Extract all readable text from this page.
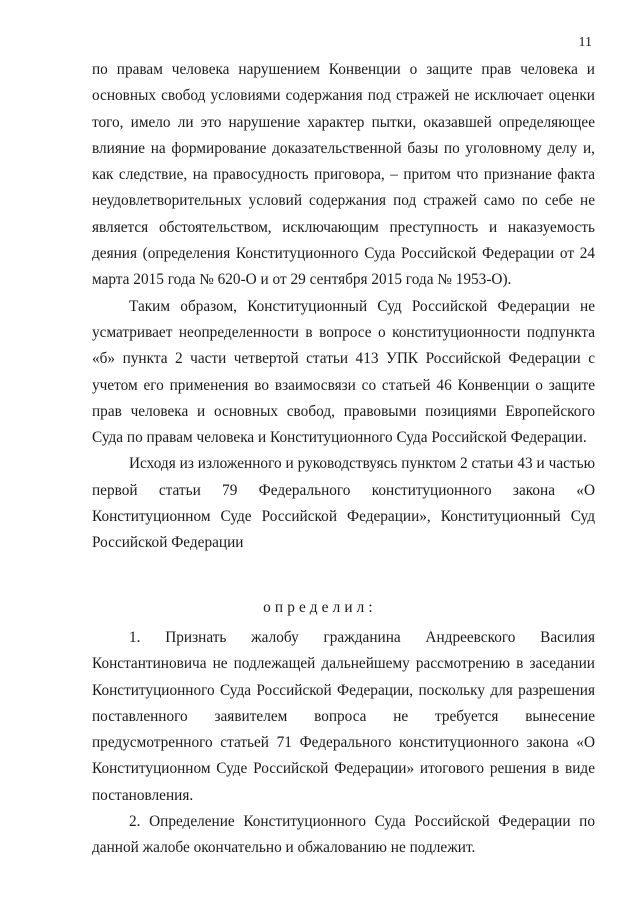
11

по правам человека нарушением Конвенции о защите прав человека и основных свобод условиями содержания под стражей не исключает оценки того, имело ли это нарушение характер пытки, оказавшей определяющее влияние на формирование доказательственной базы по уголовному делу и, как следствие, на правосудность приговора, – притом что признание факта неудовлетворительных условий содержания под стражей само по себе не является обстоятельством, исключающим преступность и наказуемость деяния (определения Конституционного Суда Российской Федерации от 24 марта 2015 года № 620-О и от 29 сентября 2015 года № 1953-О).

Таким образом, Конституционный Суд Российской Федерации не усматривает неопределенности в вопросе о конституционности подпункта «б» пункта 2 части четвертой статьи 413 УПК Российской Федерации с учетом его применения во взаимосвязи со статьей 46 Конвенции о защите прав человека и основных свобод, правовыми позициями Европейского Суда по правам человека и Конституционного Суда Российской Федерации.

Исходя из изложенного и руководствуясь пунктом 2 статьи 43 и частью первой статьи 79 Федерального конституционного закона «О Конституционном Суде Российской Федерации», Конституционный Суд Российской Федерации

определил:

1. Признать жалобу гражданина Андреевского Василия Константиновича не подлежащей дальнейшему рассмотрению в заседании Конституционного Суда Российской Федерации, поскольку для разрешения поставленного заявителем вопроса не требуется вынесение предусмотренного статьей 71 Федерального конституционного закона «О Конституционном Суде Российской Федерации» итогового решения в виде постановления.

2. Определение Конституционного Суда Российской Федерации по данной жалобе окончательно и обжалованию не подлежит.
